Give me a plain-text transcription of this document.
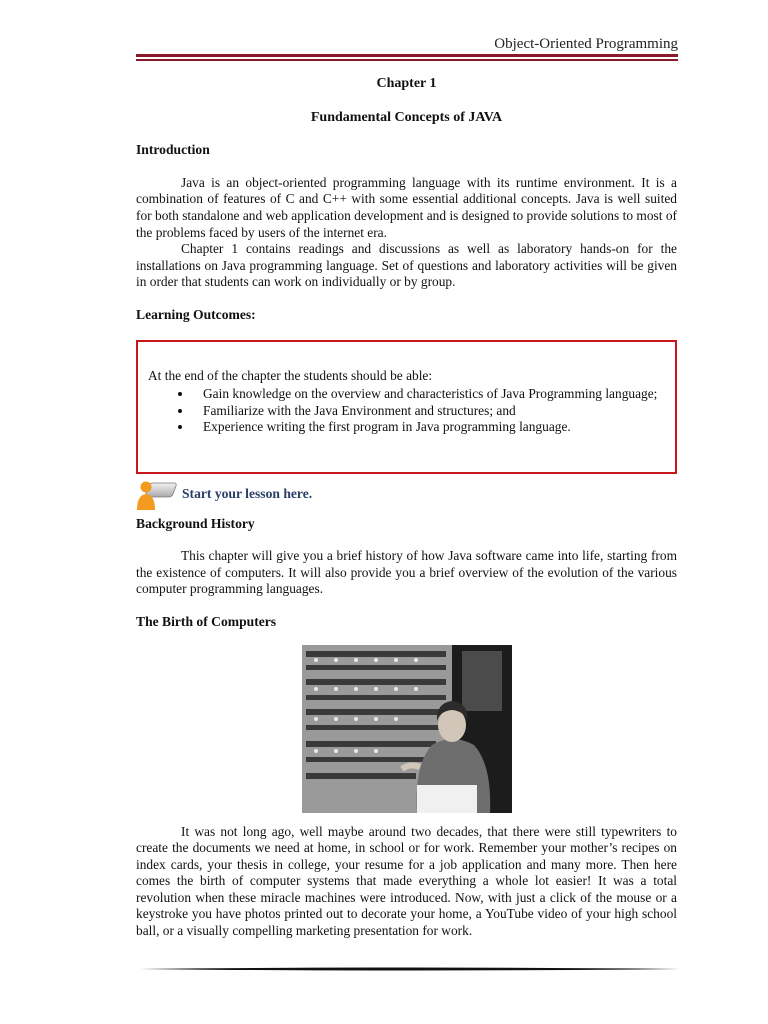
Object-Oriented Programming
Chapter 1
Fundamental Concepts of JAVA
Introduction

Java is an object-oriented programming language with its runtime environment. It is a combination of features of C and C++ with some essential additional concepts. Java is well suited for both standalone and web application development and is designed to provide solutions to most of the problems faced by users of the internet era.

Chapter 1 contains readings and discussions as well as laboratory hands-on for the installations on Java programming language. Set of questions and laboratory activities will be given in order that students can work on individually or by group.

Learning Outcomes:
At the end of the chapter the students should be able:
• Gain knowledge on the overview and characteristics of Java Programming language;
• Familiarize with the Java Environment and structures; and
• Experience writing the first program in Java programming language.
Start your lesson here.
Background History

This chapter will give you a brief history of how Java software came into life, starting from the existence of computers. It will also provide you a brief overview of the evolution of the various computer programming languages.

The Birth of Computers

It was not long ago, well maybe around two decades, that there were still typewriters to create the documents we need at home, in school or for work. Remember your mother’s recipes on index cards, your thesis in college, your resume for a job application and many more. Then here comes the birth of computer systems that made everything a whole lot easier! It was a total revolution when these miracle machines were introduced. Now, with just a click of the mouse or a keystroke you have photos printed out to decorate your home, a YouTube video of your high school ball, or a visually compelling marketing presentation for work.
